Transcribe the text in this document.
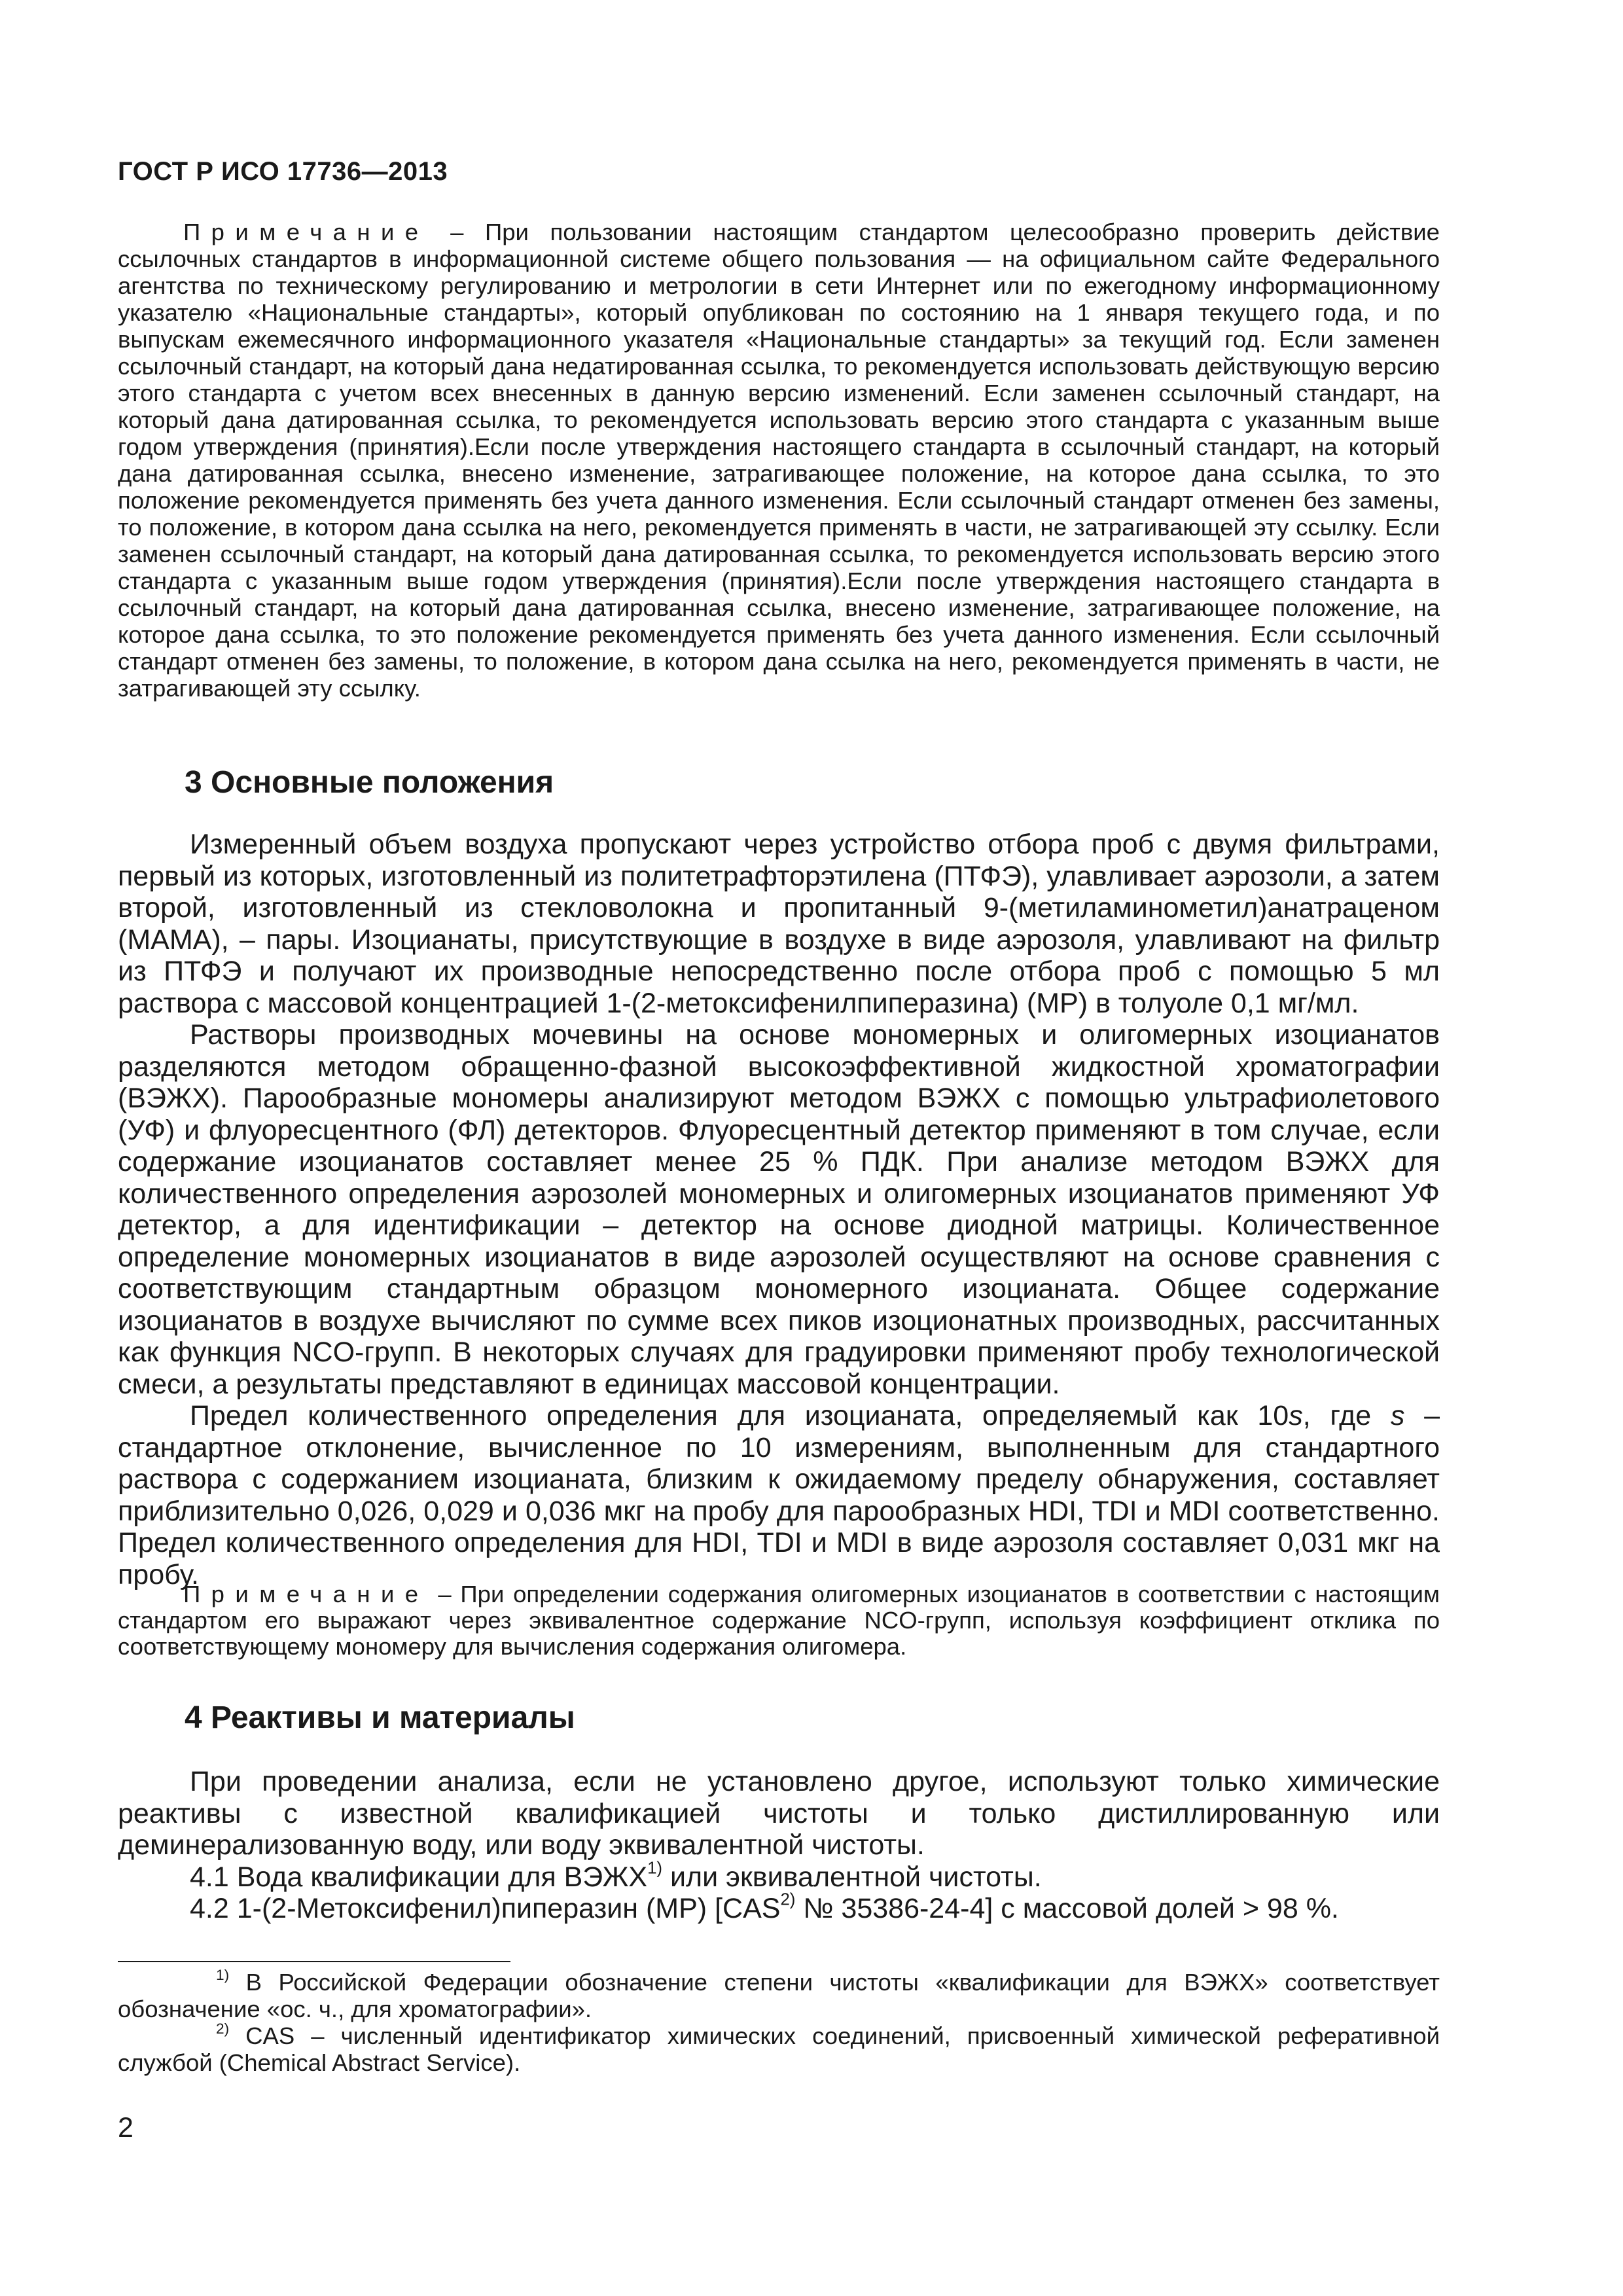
ГОСТ Р ИСО 17736—2013
Примечание – При пользовании настоящим стандартом целесообразно проверить действие ссылочных стандартов в информационной системе общего пользования — на официальном сайте Федерального агентства по техническому регулированию и метрологии в сети Интернет или по ежегодному информационному указателю «Национальные стандарты», который опубликован по состоянию на 1 января текущего года, и по выпускам ежемесячного информационного указателя «Национальные стандарты» за текущий год. Если заменен ссылочный стандарт, на который дана недатированная ссылка, то рекомендуется использовать действующую версию этого стандарта с учетом всех внесенных в данную версию изменений. Если заменен ссылочный стандарт, на который дана датированная ссылка, то рекомендуется использовать версию этого стандарта с указанным выше годом утверждения (принятия).Если после утверждения настоящего стандарта в ссылочный стандарт, на который дана датированная ссылка, внесено изменение, затрагивающее положение, на которое дана ссылка, то это положение рекомендуется применять без учета данного изменения. Если ссылочный стандарт отменен без замены, то положение, в котором дана ссылка на него, рекомендуется применять в части, не затрагивающей эту ссылку. Если заменен ссылочный стандарт, на который дана датированная ссылка, то рекомендуется использовать версию этого стандарта с указанным выше годом утверждения (принятия).Если после утверждения настоящего стандарта в ссылочный стандарт, на который дана датированная ссылка, внесено изменение, затрагивающее положение, на которое дана ссылка, то это положение рекомендуется применять без учета данного изменения. Если ссылочный стандарт отменен без замены, то положение, в котором дана ссылка на него, рекомендуется применять в части, не затрагивающей эту ссылку.
3 Основные положения

Измеренный объем воздуха пропускают через устройство отбора проб с двумя фильтрами, первый из которых, изготовленный из политетрафторэтилена (ПТФЭ), улавливает аэрозоли, а затем второй, изготовленный из стекловолокна и пропитанный 9-(метиламинометил)анатраценом (МАМА), – пары. Изоцианаты, присутствующие в воздухе в виде аэрозоля, улавливают на фильтр из ПТФЭ и получают их производные непосредственно после отбора проб с помощью 5 мл раствора с массовой концентрацией 1-(2-метоксифенилпиперазина) (МР) в толуоле 0,1 мг/мл.

Растворы производных мочевины на основе мономерных и олигомерных изоцианатов разделяются методом обращенно-фазной высокоэффективной жидкостной хроматографии (ВЭЖХ). Парообразные мономеры анализируют методом ВЭЖХ с помощью ультрафиолетового (УФ) и флуоресцентного (ФЛ) детекторов. Флуоресцентный детектор применяют в том случае, если содержание изоцианатов составляет менее 25 % ПДК. При анализе методом ВЭЖХ для количественного определения аэрозолей мономерных и олигомерных изоцианатов применяют УФ детектор, а для идентификации – детектор на основе диодной матрицы. Количественное определение мономерных изоцианатов в виде аэрозолей осуществляют на основе сравнения с соответствующим стандартным образцом мономерного изоцианата. Общее содержание изоцианатов в воздухе вычисляют по сумме всех пиков изоционатных производных, рассчитанных как функция NCO-групп. В некоторых случаях для градуировки применяют пробу технологической смеси, а результаты представляют в единицах массовой концентрации.

Предел количественного определения для изоцианата, определяемый как 10s, где s – стандартное отклонение, вычисленное по 10 измерениям, выполненным для стандартного раствора с содержанием изоцианата, близким к ожидаемому пределу обнаружения, составляет приблизительно 0,026, 0,029 и 0,036 мкг на пробу для парообразных HDI, TDI и MDI соответственно. Предел количественного определения для HDI, TDI и MDI в виде аэрозоля составляет 0,031 мкг на пробу.

Примечание – При определении содержания олигомерных изоцианатов в соответствии с настоящим стандартом его выражают через эквивалентное содержание NCO-групп, используя коэффициент отклика по соответствующему мономеру для вычисления содержания олигомера.
4 Реактивы и материалы

При проведении анализа, если не установлено другое, используют только химические реактивы с известной квалификацией чистоты и только дистиллированную или деминерализованную воду, или воду эквивалентной чистоты.

4.1 Вода квалификации для ВЭЖХ$^{1)}$ или эквивалентной чистоты.

4.2 1-(2-Метоксифенил)пиперазин (МР) [CAS$^{2)}$ № 35386-24-4] с массовой долей > 98 %.

$^{1)}$ В Российской Федерации обозначение степени чистоты «квалификации для ВЭЖХ» соответствует обозначение «ос. ч., для хроматографии».

$^{2)}$ CAS – численный идентификатор химических соединений, присвоенный химической реферативной службой (Chemical Abstract Service).

2
